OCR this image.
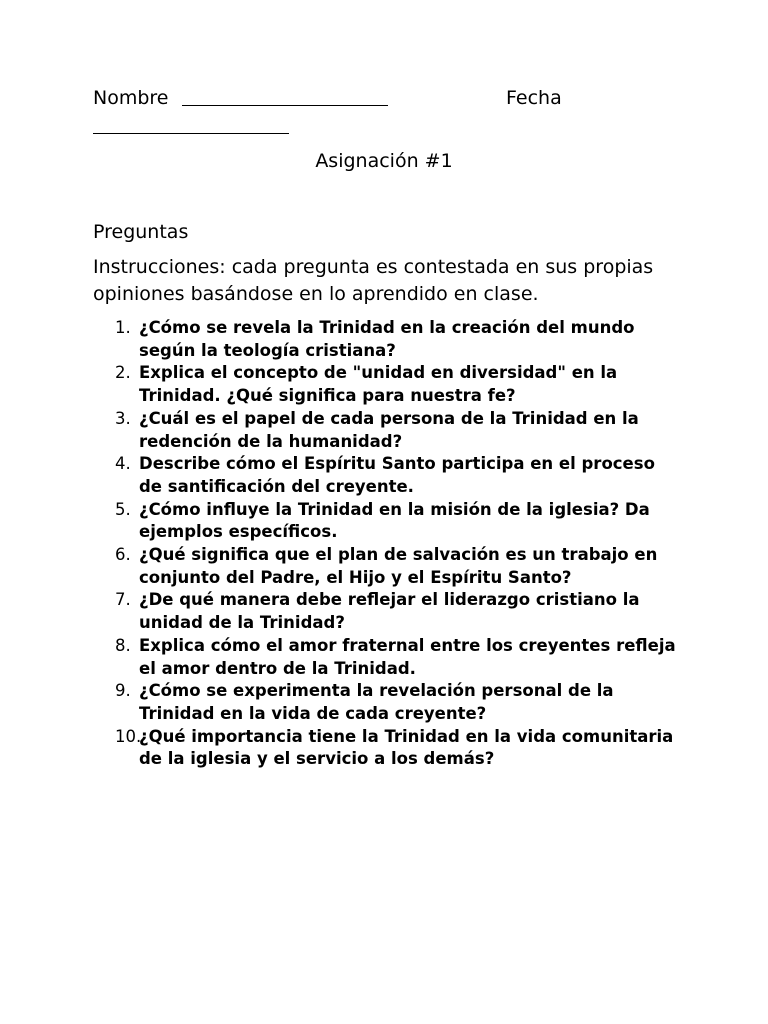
Nombre	Fecha
Asignación #1
Preguntas
Instrucciones: cada pregunta es contestada en sus propias opiniones basándose en lo aprendido en clase.
1. ¿Cómo se revela la Trinidad en la creación del mundo según la teología cristiana?
2. Explica el concepto de "unidad en diversidad" en la Trinidad. ¿Qué significa para nuestra fe?
3. ¿Cuál es el papel de cada persona de la Trinidad en la redención de la humanidad?
4. Describe cómo el Espíritu Santo participa en el proceso de santificación del creyente.
5. ¿Cómo influye la Trinidad en la misión de la iglesia? Da ejemplos específicos.
6. ¿Qué significa que el plan de salvación es un trabajo en conjunto del Padre, el Hijo y el Espíritu Santo?
7. ¿De qué manera debe reflejar el liderazgo cristiano la unidad de la Trinidad?
8. Explica cómo el amor fraternal entre los creyentes refleja el amor dentro de la Trinidad.
9. ¿Cómo se experimenta la revelación personal de la Trinidad en la vida de cada creyente?
10.
¿Qué importancia tiene la Trinidad en la vida comunitaria de la iglesia y el servicio a los demás?
